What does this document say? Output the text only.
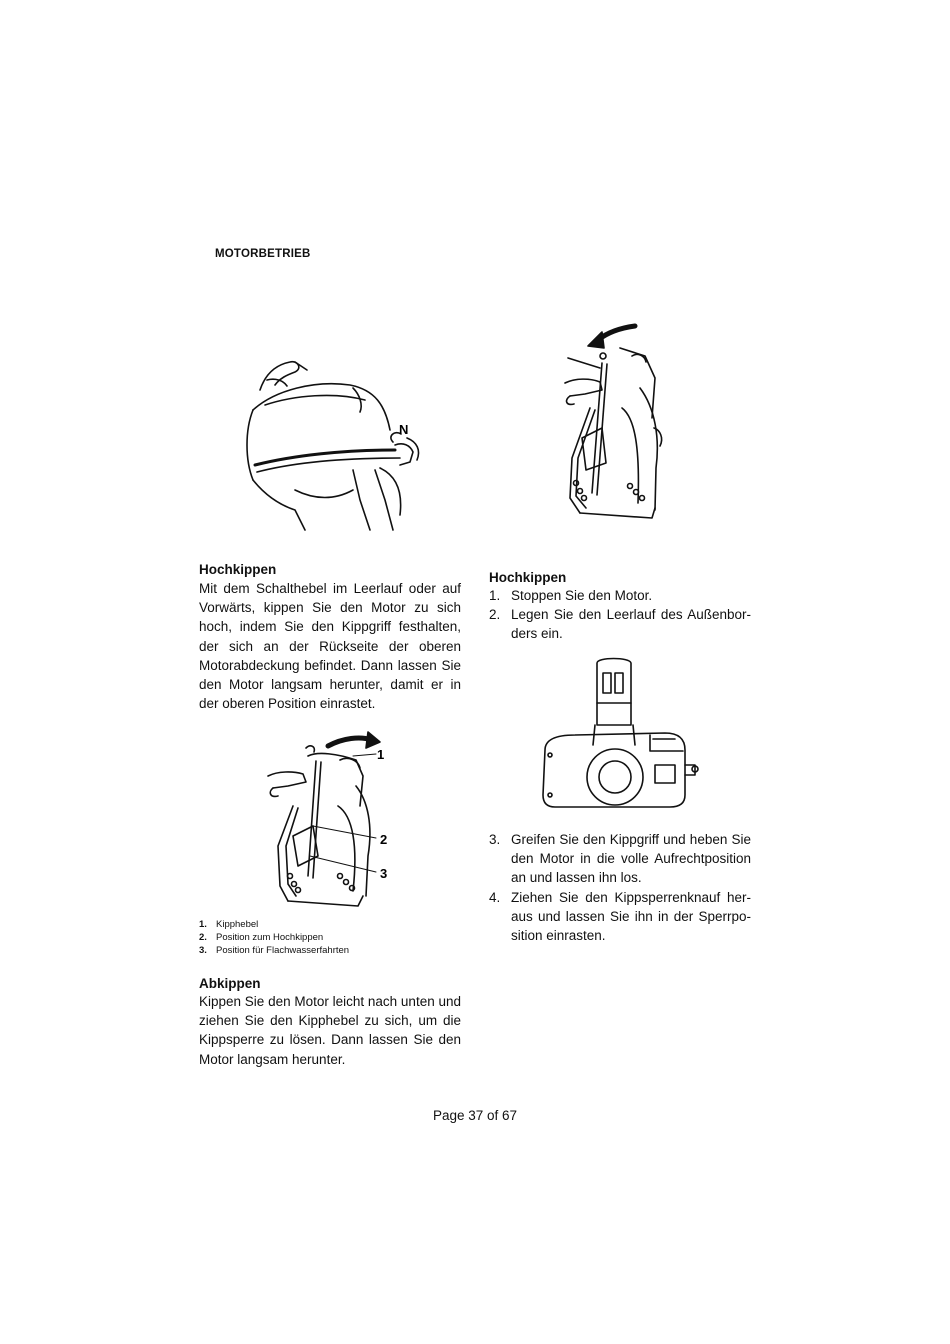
MOTORBETRIEB
N
Hochkippen

Mit dem Schalthebel im Leerlauf oder auf Vorwärts, kippen Sie den Motor zu sich hoch, indem Sie den Kippgriff festhalten, der sich an der Rückseite der oberen Motorabdeckung befindet. Dann lassen Sie den Motor langsam herunter, damit er in der oberen Position einrastet.

1
2
3
1. Kipphebel
2. Position zum Hochkippen
3. Position für Flachwasserfahrten
Abkippen

Kippen Sie den Motor leicht nach unten und ziehen Sie den Kipphebel zu sich, um die Kippsperre zu lösen. Dann lassen Sie den Motor langsam herunter.

Hochkippen
1. Stoppen Sie den Motor.
2. Legen Sie den Leerlauf des Außenborders ein.
3. Greifen Sie den Kippgriff und heben Sie den Motor in die volle Aufrechtposition an und lassen ihn los.
4. Ziehen Sie den Kippsperrenknauf heraus und lassen Sie ihn in der Sperrposition einrasten.
Page 37 of 67
